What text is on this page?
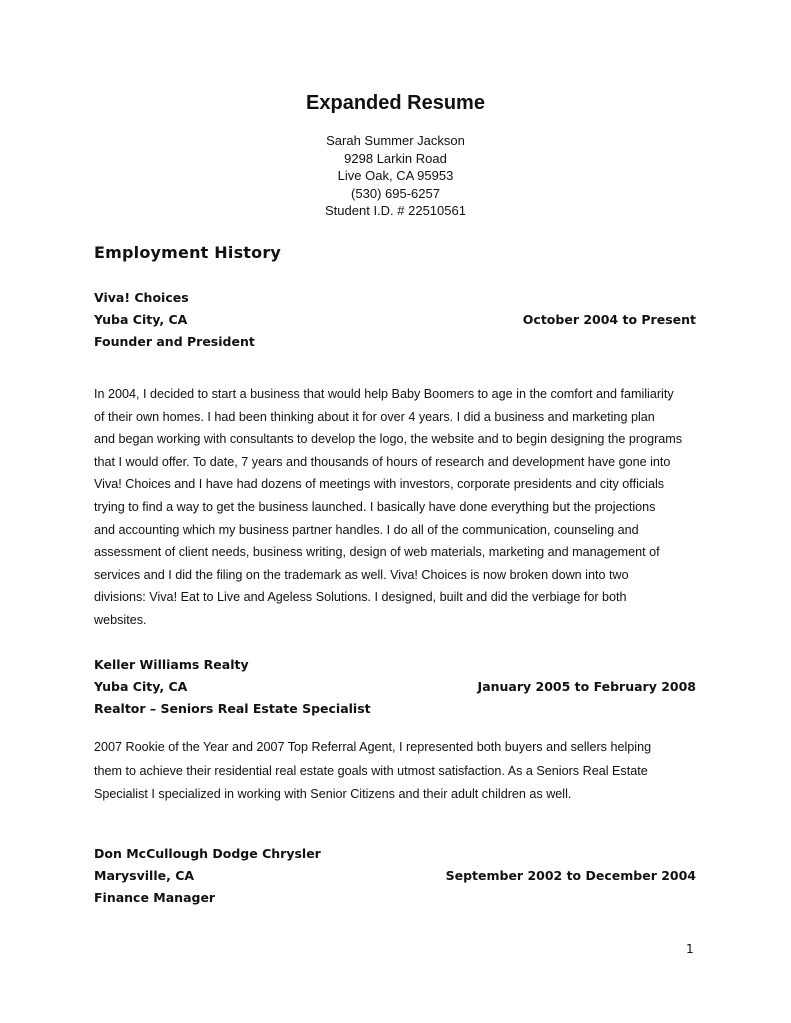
Expanded Resume
Sarah Summer Jackson
9298 Larkin Road
Live Oak, CA 95953
(530) 695-6257
Student I.D. # 22510561
Employment History
Viva! Choices
Yuba City, CA	October 2004 to Present
Founder and President
In 2004, I decided to start a business that would help Baby Boomers to age in the comfort and familiarity
of their own homes. I had been thinking about it for over 4 years. I did a business and marketing plan
and began working with consultants to develop the logo, the website and to begin designing the programs
that I would offer. To date, 7 years and thousands of hours of research and development have gone into
Viva! Choices and I have had dozens of meetings with investors, corporate presidents and city officials
trying to find a way to get the business launched. I basically have done everything but the projections
and accounting which my business partner handles. I do all of the communication, counseling and
assessment of client needs, business writing, design of web materials, marketing and management of
services and I did the filing on the trademark as well. Viva! Choices is now broken down into two
divisions: Viva! Eat to Live and Ageless Solutions. I designed, built and did the verbiage for both
websites.
Keller Williams Realty
Yuba City, CA	January 2005 to February 2008
Realtor – Seniors Real Estate Specialist
2007 Rookie of the Year and 2007 Top Referral Agent, I represented both buyers and sellers helping
them to achieve their residential real estate goals with utmost satisfaction. As a Seniors Real Estate
Specialist I specialized in working with Senior Citizens and their adult children as well.
Don McCullough Dodge Chrysler
Marysville, CA	September 2002 to December 2004
Finance Manager
1
